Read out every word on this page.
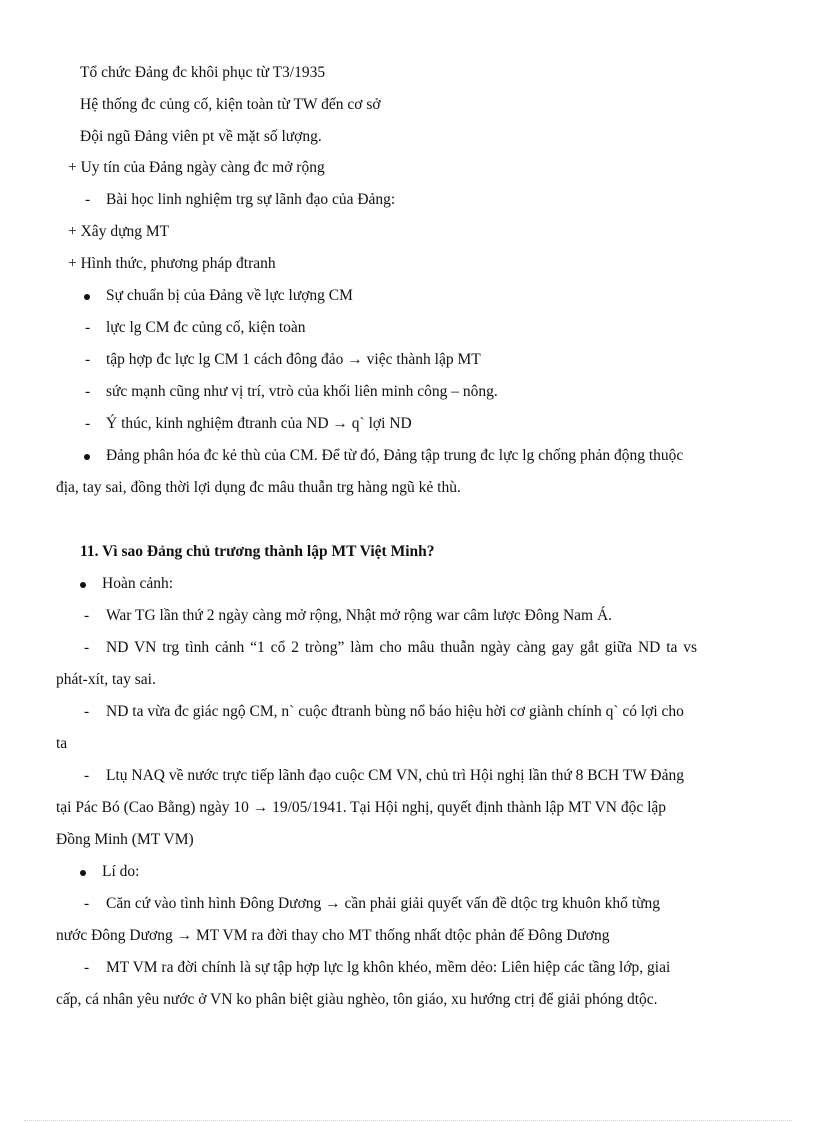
Tổ chức Đảng đc khôi phục từ T3/1935
Hệ thống đc củng cố, kiện toàn từ TW đến cơ sở
Đội ngũ Đảng viên pt về mặt số lượng.
+ Uy tín của Đảng ngày càng đc mở rộng
- Bài học linh nghiệm trg sự lãnh đạo của Đảng:
+ Xây dựng MT
+ Hình thức, phương pháp đtranh
Sự chuẩn bị của Đảng về lực lượng CM
- lực lg CM đc củng cố, kiện toàn
- tập hợp đc lực lg CM 1 cách đông đảo → việc thành lập MT
- sức mạnh cũng như vị trí, vtrò của khối liên minh công – nông.
- Ý thúc, kinh nghiệm đtranh của ND → q` lợi ND
Đảng phân hóa đc kẻ thù của CM. Để từ đó, Đảng tập trung đc lực lg chống phản động thuộc
địa, tay sai, đồng thời lợi dụng đc mâu thuẫn trg hàng ngũ kẻ thù.
11. Vì sao Đảng chủ trương thành lập MT Việt Minh?
Hoàn cảnh:
- War TG lần thứ 2 ngày càng mở rộng, Nhật mở rộng war câm lược Đông Nam Á.
- ND VN trg tình cảnh “1 cổ 2 tròng” làm cho mâu thuẫn ngày càng gay gắt giữa ND ta vs
phát-xít, tay sai.
- ND ta vừa đc giác ngộ CM, n` cuộc đtranh bùng nổ báo hiệu hời cơ giành chính q` có lợi cho
ta
- Ltụ NAQ về nước trực tiếp lãnh đạo cuộc CM VN, chủ trì Hội nghị lần thứ 8 BCH TW Đảng
tại Pác Bó (Cao Bằng) ngày 10 → 19/05/1941. Tại Hội nghị, quyết định thành lập MT VN độc lập
Đồng Minh (MT VM)
Lí do:
- Căn cứ vào tình hình Đông Dương → cần phải giải quyết vấn đề dtộc trg khuôn khổ từng
nước Đông Dương → MT VM ra đời thay cho MT thống nhất dtộc phản đế Đông Dương
- MT VM ra đời chính là sự tập hợp lực lg khôn khéo, mềm dẻo: Liên hiệp các tầng lớp, giai
cấp, cá nhân yêu nước ở VN ko phân biệt giàu nghèo, tôn giáo, xu hướng ctrị để giải phóng dtộc.
